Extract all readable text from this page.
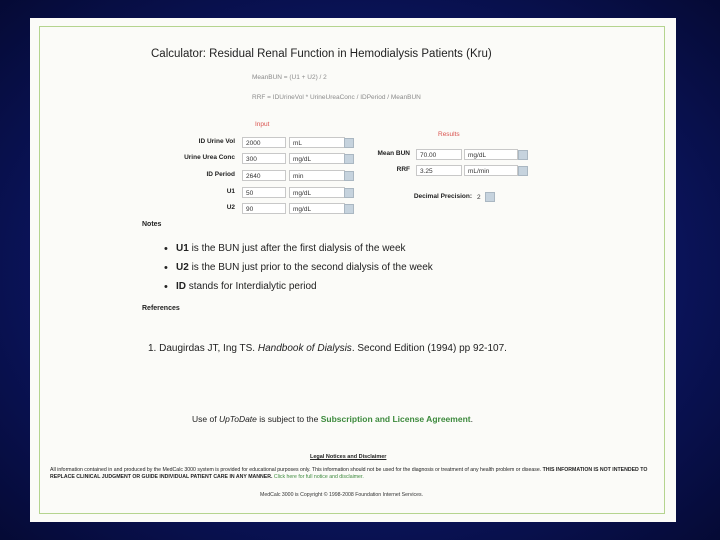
Calculator: Residual Renal Function in Hemodialysis Patients (Kru)
MeanBUN = (U1 + U2) / 2
RRF = IDUrineVol * UrineUreaConc / IDPeriod / MeanBUN
Input
ID Urine Vol	2000	mL
Urine Urea Conc	300	mg/dL
ID Period	2640	min
U1	50	mg/dL
U2	90	mg/dL
Results
Mean BUN	70.00	mg/dL
RRF	3.25	mL/min
Decimal Precision: 2
Notes
• U1 is the BUN just after the first dialysis of the week
• U2 is the BUN just prior to the second dialysis of the week
• ID stands for Interdialytic period
References
1. Daugirdas JT, Ing TS. Handbook of Dialysis. Second Edition (1994) pp 92-107.
Use of UpToDate is subject to the Subscription and License Agreement.
Legal Notices and Disclaimer
All information contained in and produced by the MedCalc 3000 system is provided for educational purposes only. This information should not be used for the diagnosis or treatment of any health problem or disease. THIS INFORMATION IS NOT INTENDED TO REPLACE CLINICAL JUDGMENT OR GUIDE INDIVIDUAL PATIENT CARE IN ANY MANNER. Click here for full notice and disclaimer.
MedCalc 3000 is Copyright © 1998-2008 Foundation Internet Services.
